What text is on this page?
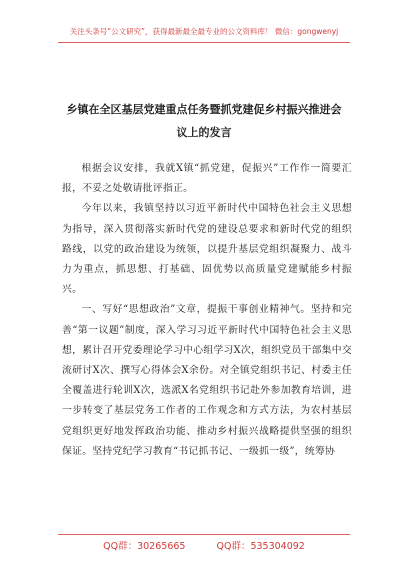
关注头条号“公文研究”，获得最新最全最专业的公文资料库！ 微信：gongwenyj
乡镇在全区基层党建重点任务暨抓党建促乡村振兴推进会
议上的发言

根据会议安排，我就X镇“抓党建，促振兴”工作作一简要汇报，不妥之处敬请批评指正。

今年以来，我镇坚持以习近平新时代中国特色社会主义思想为指导，深入贯彻落实新时代党的建设总要求和新时代党的组织路线，以党的政治建设为统领，以提升基层党组织凝聚力、战斗力为重点，抓思想、打基础、固优势以高质量党建赋能乡村振兴。

一、写好“思想政治”文章，提振干事创业精神气。坚持和完善“第一议题”制度，深入学习习近平新时代中国特色社会主义思想，累计召开党委理论学习中心组学习X次，组织党员干部集中交流研讨X次、撰写心得体会X余份。对全镇党组织书记、村委主任全覆盖进行轮训X次，选派X名党组织书记赴外参加教育培训，进一步转变了基层党务工作者的工作观念和方式方法，为农村基层党组织更好地发挥政治功能、推动乡村振兴战略提供坚强的组织保证。坚持党纪学习教育“书记抓书记、一级抓一级”，统筹协

QQ群：30265665	QQ群：535304092
